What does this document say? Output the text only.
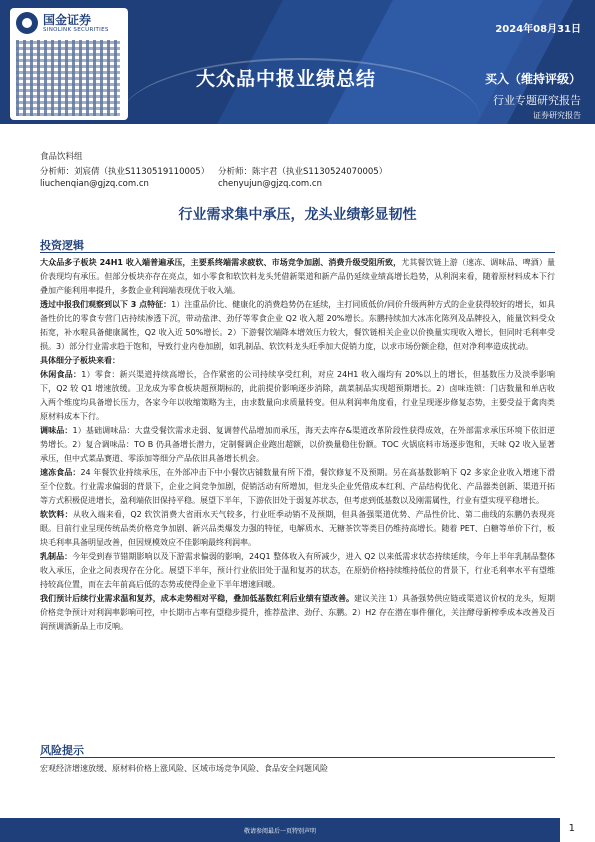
国金证券
SINOLINK SECURITIES	2024年08月31日
大众品中报业绩总结	买入（维持评级）
行业专题研究报告
证券研究报告
食品饮料组
分析师：刘宸倩（执业S1130519110005）	分析师：陈宇君（执业S1130524070005）
liuchenqian@gjzq.com.cn	chenyujun@gjzq.com.cn
行业需求集中承压，龙头业绩彰显韧性
投资逻辑

大众品多子板块 24H1 收入端普遍承压，主要系终端需求疲软、市场竞争加剧、消费升级受阻所致，尤其餐饮链上游（速冻、调味品、啤酒）量价表现均有承压。但部分板块亦存在亮点，如小零食和软饮料龙头凭借新渠道和新产品仍延续业绩高增长趋势，从利润来看，随着原材料成本下行叠加产能利用率提升，多数企业利润端表现优于收入端。

透过中报我们观察到以下 3 点特征：1）注重品价比、健康化的消费趋势仍在延续，主打同质低价/同价升级两种方式的企业获得较好的增长，如具备性价比的零食专营门店持续渗透下沉，带动盐津、劲仔等零食企业 Q2 收入超 20%增长。东鹏持续加大冰冻化陈列及品牌投入，能量饮料受众拓宽，补水啦具备健康属性，Q2 收入近 50%增长。2）下游餐饮端降本增效压力较大，餐饮链相关企业以价换量实现收入增长，但同时毛利率受损。3）部分行业需求趋于饱和，导致行业内卷加剧，如乳制品、软饮料龙头旺季加大促销力度，以求市场份额企稳，但对净利率造成扰动。

具体细分子板块来看：

休闲食品：1）零食：新兴渠道持续高增长，合作紧密的公司持续享受红利，对应 24H1 收入端均有 20%以上的增长，但基数压力及淡季影响下，Q2 较 Q1 增速放缓。卫龙成为零食板块超预期标的，此前提价影响逐步消除，蔬菜制品实现超预期增长。2）卤味连锁：门店数量和单店收入两个维度均具备增长压力，各家今年以收缩策略为主，由求数量向求质量转变。但从利润率角度看，行业呈现逐步修复态势，主要受益于禽肉类原材料成本下行。

调味品：1）基础调味品：大盘受餐饮需求走弱、复调替代品增加而承压，海天去库存&渠道改革阶段性获得成效，在外部需求承压环境下依旧逆势增长。2）复合调味品：TO B 仍具备增长潜力，定制餐调企业跑出超额，以价换量稳住份额。TOC 火锅底料市场逐步饱和，天味 Q2 收入显著承压，但中式菜品赛道、零添加等细分产品依旧具备增长机会。

速冻食品：24 年餐饮业持续承压，在外部冲击下中小餐饮店铺数量有所下滑，餐饮修复不及预期。另在高基数影响下 Q2 多家企业收入增速下滑至个位数。行业需求偏弱的背景下，企业之间竞争加剧，促销活动有所增加，但龙头企业凭借成本红利、产品结构优化、产品器类创新、渠道开拓等方式积极促进增长，盈利端依旧保持平稳。展望下半年，下游依旧处于弱复苏状态，但考虑到低基数以及刚需属性，行业有望实现平稳增长。

软饮料：从收入端来看，Q2 软饮消费大省雨水天气较多，行业旺季动销不及预期，但具备强渠道优势、产品性价比、第二曲线的东鹏仍表现亮眼。目前行业呈现传统品类价格竞争加剧、新兴品类爆发力强的特征，电解质水、无糖茶饮等类目仍维持高增长。随着 PET、白糖等单价下行，板块毛利率具备明显改善，但因规模效应不佳影响最终利润率。

乳制品：今年受到春节错期影响以及下游需求偏弱的影响，24Q1 整体收入有所减少，进入 Q2 以来低需求状态持续延续，今年上半年乳制品整体收入承压，企业之间表现存在分化。展望下半年，预计行业依旧处于温和复苏的状态，在原奶价格持续维持低位的背景下，行业毛利率水平有望维持较高位置，而在去年前高后低的态势或使得企业下半年增速回暖。

我们预计后续行业需求温和复苏，成本走势相对平稳，叠加低基数红利后业绩有望改善。建议关注 1）具备强势供应链或渠道议价权的龙头，短期价格竞争预计对利润率影响可控，中长期市占率有望稳步提升，推荐盐津、劲仔、东鹏。2）H2 存在潜在事件催化，关注酵母新榨季成本改善及百润预调酒新品上市反响。

风险提示
宏观经济增速放缓、原材料价格上涨风险、区域市场竞争风险、食品安全问题风险
敬请参阅最后一页特别声明	1
